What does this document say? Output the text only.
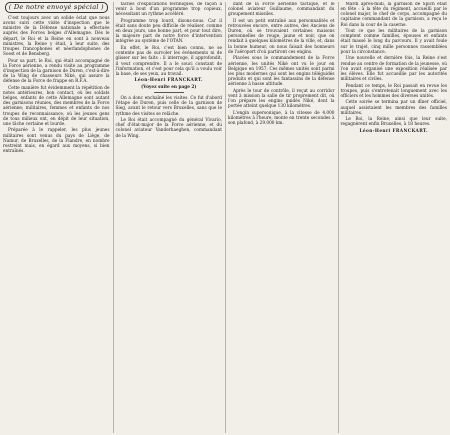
( De notre envoyé spécial )

C'est toujours avec un solide éclat que nous avons suivi cette visite d'inspection que le ministre de la Défense nationale a effectuée auprès des Forces belges d'Allemagne. Dès le départ, le Roi et la Reine en sont à nouveau ministres, la Reine y était, à leur suite, des troupes francophones et néerlandophones de Soest et de Bensberg.

Pour sa part, le Roi, qui était accompagné de la Force aérienne, a rendu visite au programme d'inspection de la garnison de Duren, c'est-à-dire de la Wing de chasseurs Niké, qui assure la défense de la Force de frappe en R.F.A.

Cette manière fut évidemment la répétition de notes antérieures, bon contact, où les soldats belges, enfants de cette Allemagne sont autant des garnisons réunies, des membres de la Force aérienne; militaires, femmes et enfants de nos troupes de reconnaissance, où les jeunes gens de tous milieux ont, en dépit de leur situation, une tâche certaine et lourde.

Préparée à le rappeler, les plus jeunes militaires sont venus du pays de Liège, de Namur, de Bruxelles, de la Flandre, en nombre restreint mais, en égard aux moyens, si bien entraînés.

tâches d'explications techniques, de façon à venir à bout d'un programme trop copieux, nécessitant un rythme accéléré.

Programme trop lourd, disons-nous. Car il était sans doute peu difficile de réaliser, comme en deux jours, une bonne part, et pour tout dire, la majeure part de notre force d'intervention intégrée au système de l'OTAN.

En effet, le Roi, c'est bien connu, ne se contente pas de survoler les événements ni de glisser sur les faits : il interroge, il approfondit, il veut comprendre. Il a le souci constant de l'information, et c'est pour cela qu'il a voulu voir la base, de ses yeux, au travail.

Léon-Henri FRANCKART.

(Voyez suite en page 2)

On a donc enchaîné les visites. Ce fut d'abord l'étape de Duren, puis celle de la garnison de Sieg, avant le retour vers Bruxelles, sans que le rythme des visites se relâche.

Le Roi était accompagné du général Vivario, chef d'état-major de la Force aérienne, et du colonel aviateur Vanderhaeghen, commandant de la Wing.

dant de la Force aérienne tactique, et le colonel aviateur Guillaume, commandant du groupement missiles.

Il est un petit entraîné aux personnalités et retrouvées encore, entre autres, des Anciens de Duren, où se trouvaient certaines maisons personnelles de rouge, jaune et noir, que on rendait à quelques kilomètres de la ville, et, dans la bonne humeur, on nous faisait des honneurs de l'aéroport d'où partiront ces engins.

Placées sous le commandement de la Force aérienne, les unités Niké ont vu le jour en Belgique en 1957. Ces mêmes unités sont parmi les plus modernes qui sont les engins téléguidés produits et qui sont les fantassins de la défense aérienne à basse altitude.

Après le tour de contrôle, il reçut au corridor vent à mission la salle de tir proprement dit, où l'on prépare les engins guidés Niké, dont la portée atteint quelque 130 kilomètres.

L'engin supersonique, à la vitesse de 4.000 kilomètres à l'heure, monte en trente secondes à son plafond, à 29.000 km.

Mardi après-midi, la garnison de Spich était en fête : à la tête du régiment, accueilli par le colonel major, le chef de corps, accompagné du capitaine commandant de la garnison, a reçu le Roi dans la cour de la caserne.

Tout ce que les militaires de la garnison comptent comme familles, épouses et enfants était massé le long du parcours. Il y avait foule sur le trajet, cinq mille personnes rassemblées pour la circonstance.

Une nouvelle et dernière fois, la Reine s'est rendue au centre de formation de la jeunesse, où l'on avait organisé une exposition réalisée par les élèves. Elle fut accueillie par les autorités militaires et civiles.

Pendant ce temps, le Roi passait en revue les troupes, puis s'entretenait longuement avec les officiers et les hommes des diverses unités.

Cette soirée se termina par un dîner officiel, auquel assistaient les membres des familles militaires.

Le Roi, la Reine, ainsi que leur suite, regagnèrent enfin Bruxelles, à 18 heures.

Léon-Henri FRANCKART.
